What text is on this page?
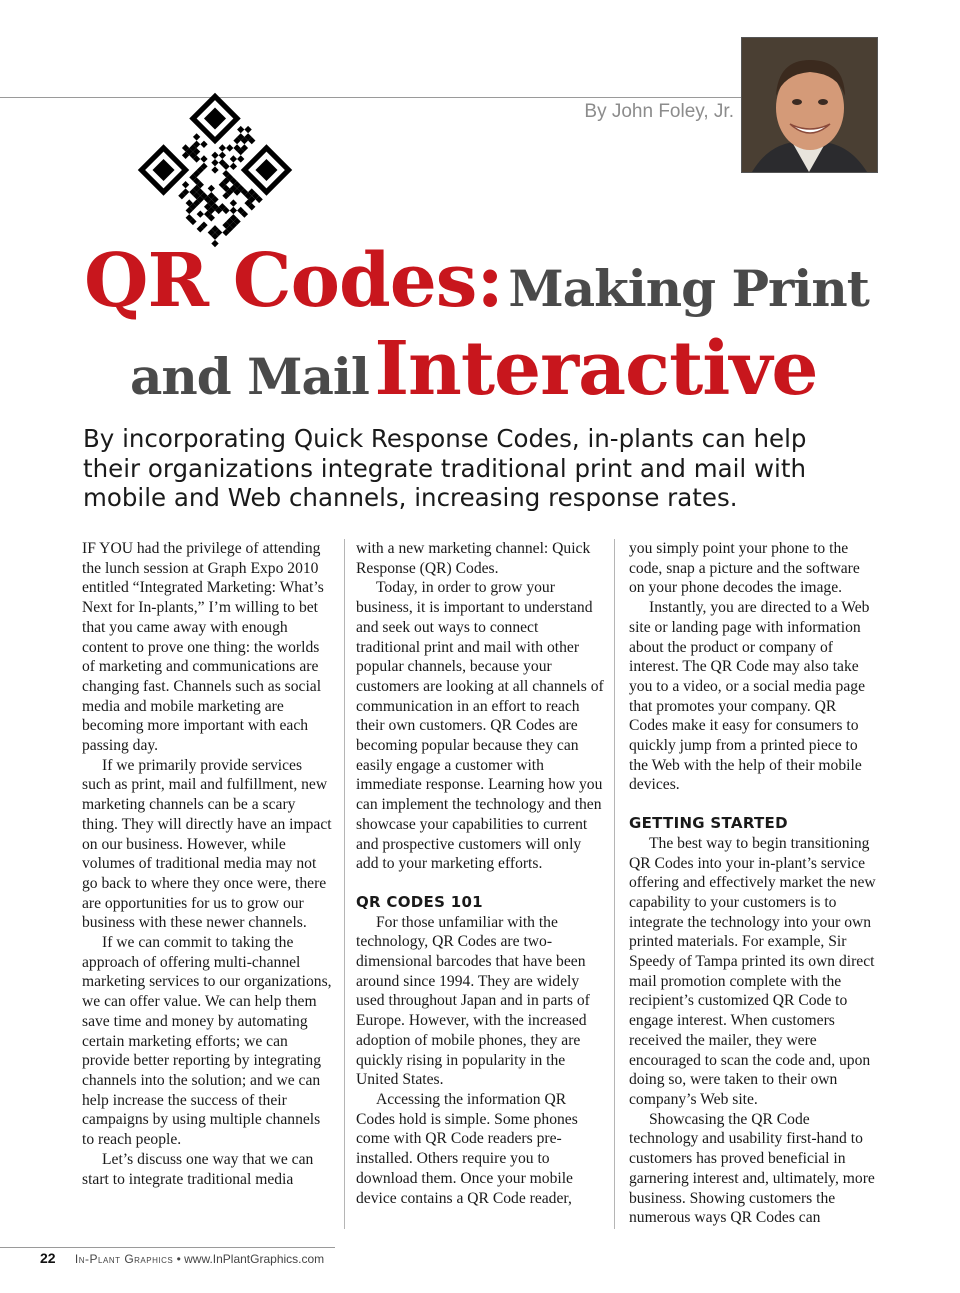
By John Foley, Jr.
QR Codes: Making Print
and Mail Interactive
By incorporating Quick Response Codes, in-plants can help their organizations integrate traditional print and mail with mobile and Web channels, increasing response rates.

IF YOU had the privilege of attending the lunch session at Graph Expo 2010 entitled “Integrated Marketing: What’s Next for In-plants,” I’m willing to bet that you came away with enough content to prove one thing: the worlds of marketing and communications are changing fast. Channels such as social media and mobile marketing are becoming more important with each passing day.

If we primarily provide services such as print, mail and fulfillment, new marketing channels can be a scary thing. They will directly have an impact on our business. However, while volumes of traditional media may not go back to where they once were, there are opportunities for us to grow our business with these newer channels.

If we can commit to taking the approach of offering multi-channel marketing services to our organizations, we can offer value. We can help them save time and money by automating certain marketing efforts; we can provide better reporting by integrating channels into the solution; and we can help increase the success of their campaigns by using multiple channels to reach people.

Let’s discuss one way that we can start to integrate traditional media

with a new marketing channel: Quick Response (QR) Codes.

Today, in order to grow your business, it is important to understand and seek out ways to connect traditional print and mail with other popular channels, because your customers are looking at all channels of communication in an effort to reach their own customers. QR Codes are becoming popular because they can easily engage a customer with immediate response. Learning how you can implement the technology and then showcase your capabilities to current and prospective customers will only add to your marketing efforts.

QR CODES 101

For those unfamiliar with the technology, QR Codes are two-dimensional barcodes that have been around since 1994. They are widely used throughout Japan and in parts of Europe. However, with the increased adoption of mobile phones, they are quickly rising in popularity in the United States.

Accessing the information QR Codes hold is simple. Some phones come with QR Code readers pre-installed. Others require you to download them. Once your mobile device contains a QR Code reader,

you simply point your phone to the code, snap a picture and the software on your phone decodes the image.

Instantly, you are directed to a Web site or landing page with information about the product or company of interest. The QR Code may also take you to a video, or a social media page that promotes your company. QR Codes make it easy for consumers to quickly jump from a printed piece to the Web with the help of their mobile devices.

GETTING STARTED

The best way to begin transitioning QR Codes into your in-plant’s service offering and effectively market the new capability to your customers is to integrate the technology into your own printed materials. For example, Sir Speedy of Tampa printed its own direct mail promotion complete with the recipient’s customized QR Code to engage interest. When customers received the mailer, they were encouraged to scan the code and, upon doing so, were taken to their own company’s Web site.

Showcasing the QR Code technology and usability first-hand to customers has proved beneficial in garnering interest and, ultimately, more business. Showing customers the numerous ways QR Codes can

22 In-Plant Graphics • www.InPlantGraphics.com
